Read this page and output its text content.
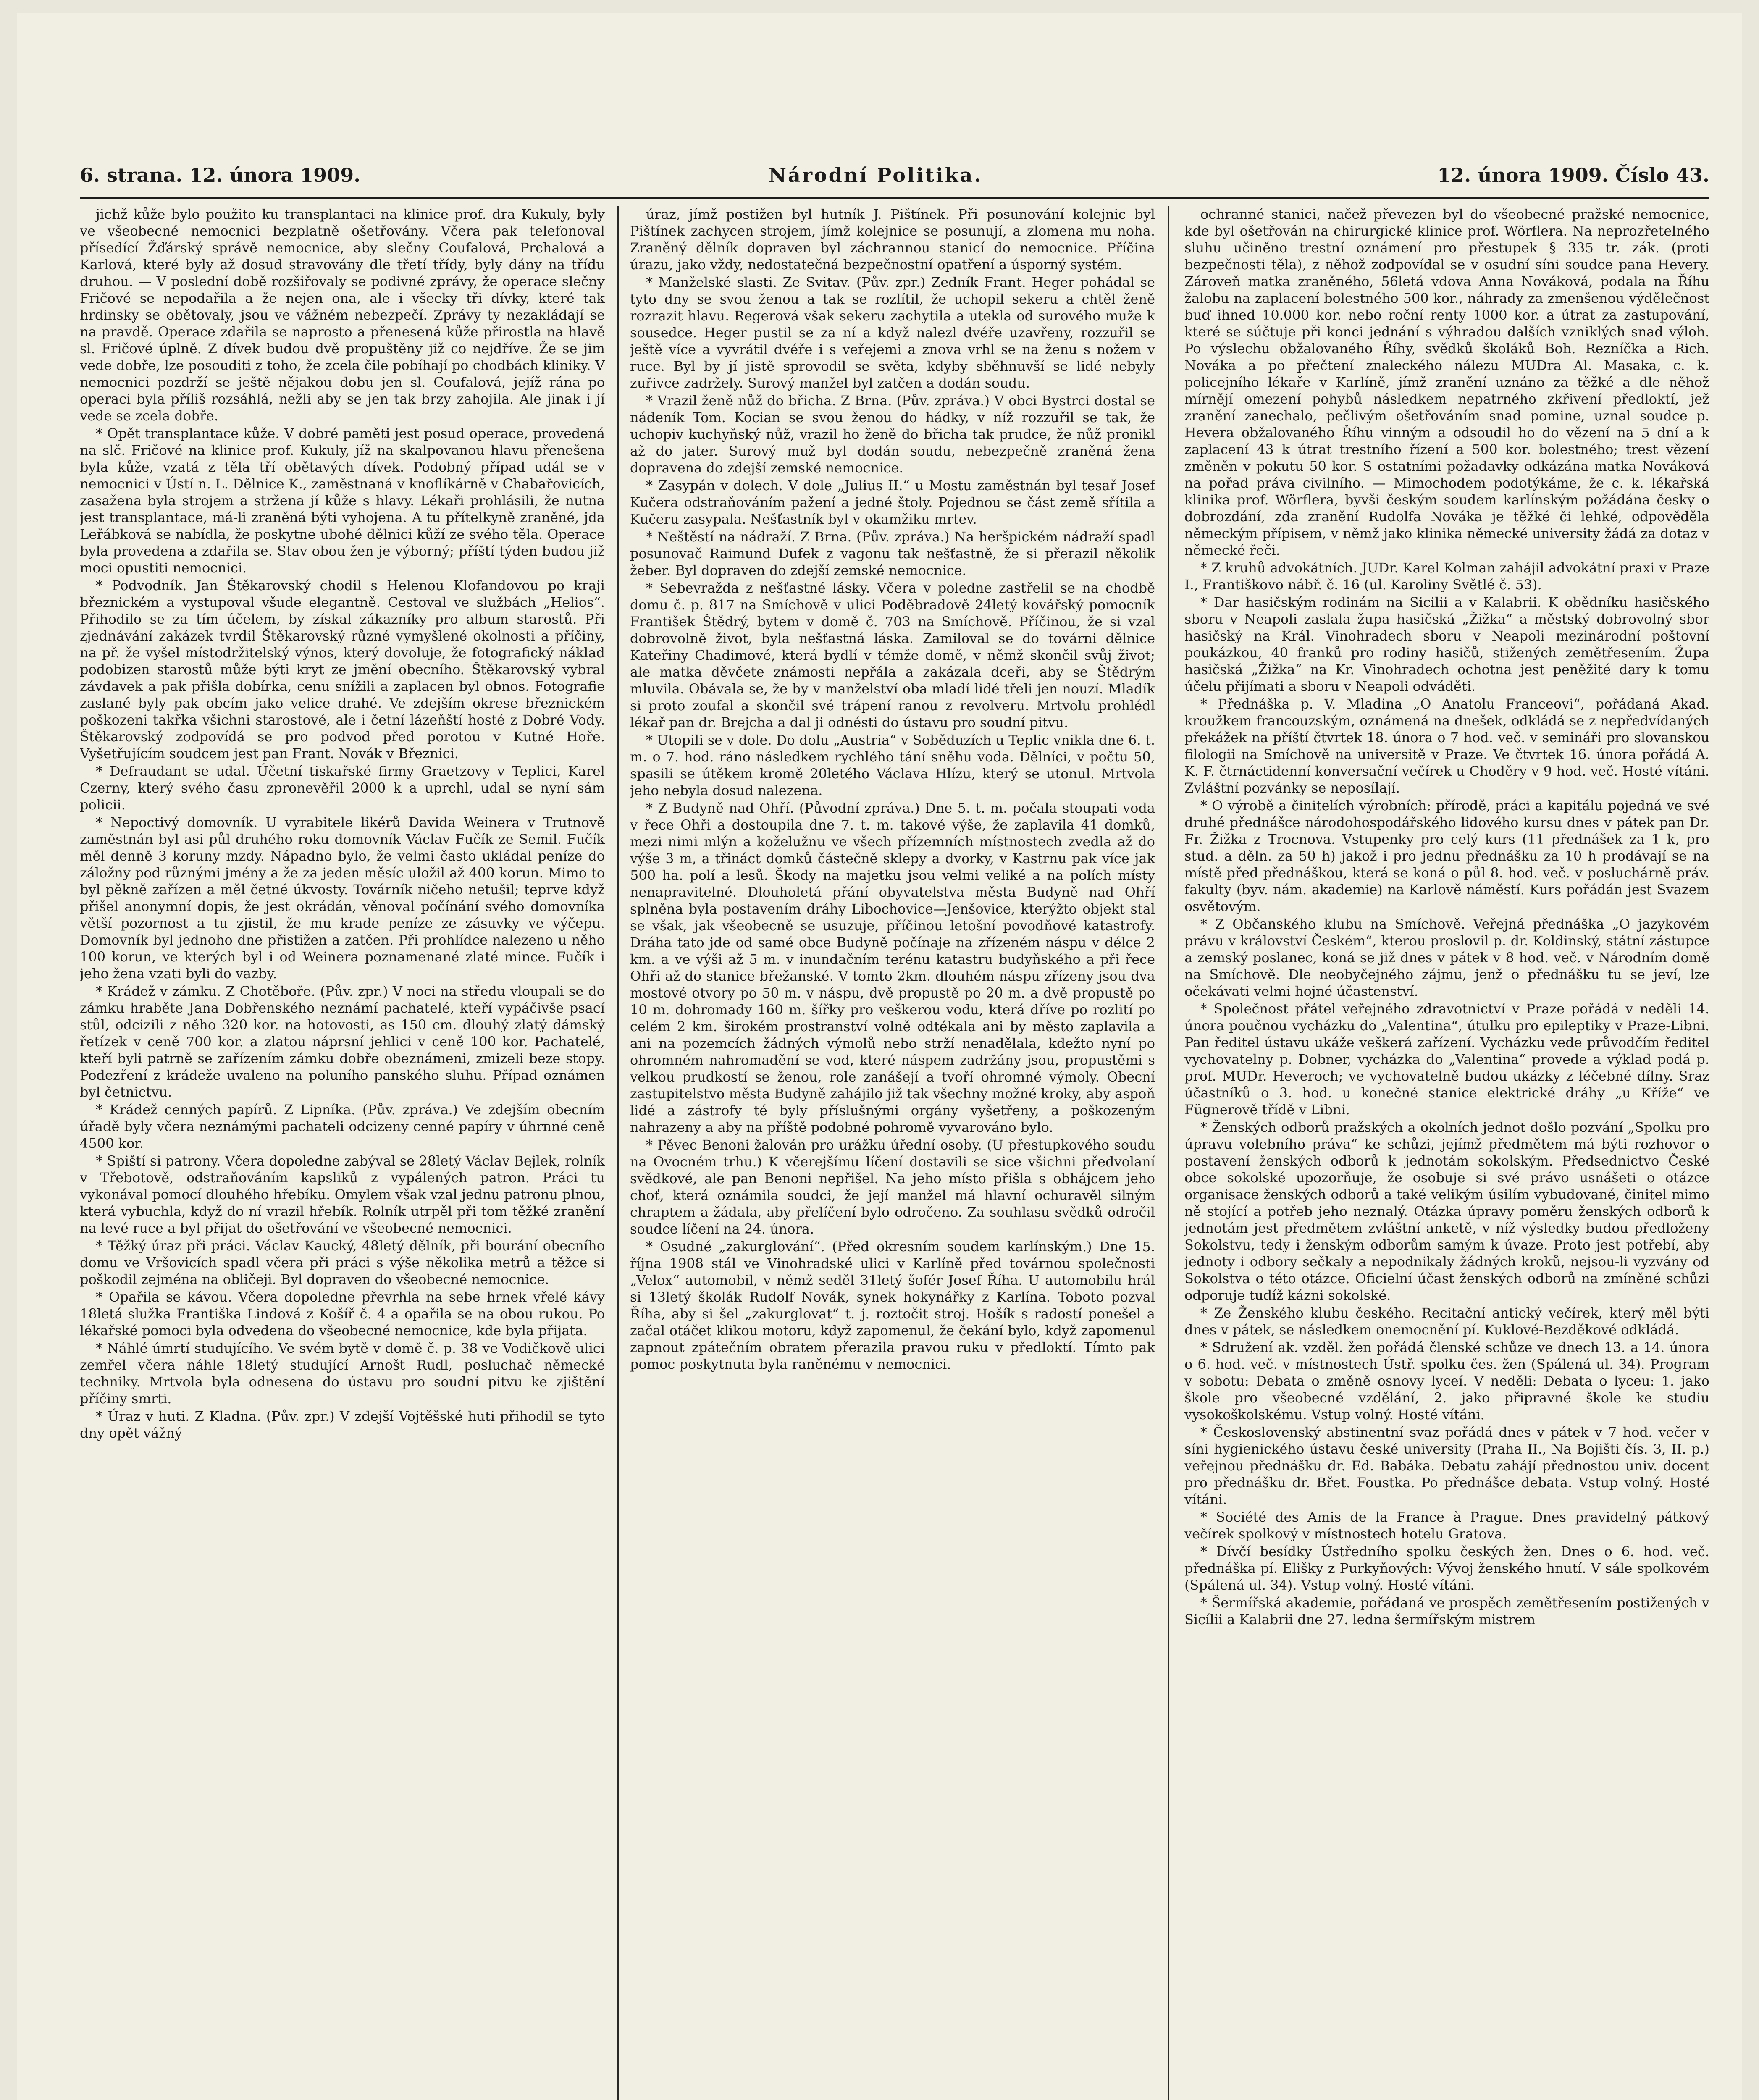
6. strana. 12. února 1909.	Národní Politika.	12. února 1909. Číslo 43.

jichž kůže bylo použito ku transplantaci na klinice prof. dra Kukuly, byly ve všeobecné nemocnici bezplatně ošetřovány. Včera pak telefonoval přísedící Žďárský správě nemocnice, aby slečny Coufalová, Prchalová a Karlová, které byly až dosud stravovány dle třetí třídy, byly dány na třídu druhou. — V poslední době rozšiřovaly se podivné zprávy, že operace slečny Fričové se nepodařila a že nejen ona, ale i všecky tři dívky, které tak hrdinsky se obětovaly, jsou ve vážném nebezpečí. Zprávy ty nezakládají se na pravdě. Operace zdařila se naprosto a přenesená kůže přirostla na hlavě sl. Fričové úplně. Z dívek budou dvě propuštěny již co nejdříve. Že se jim vede dobře, lze posouditi z toho, že zcela čile pobíhají po chodbách kliniky. V nemocnici pozdrží se ještě nějakou dobu jen sl. Coufalová, jejíž rána po operaci byla příliš rozsáhlá, nežli aby se jen tak brzy zahojila. Ale jinak i jí vede se zcela dobře.

* Opět transplantace kůže. V dobré paměti jest posud operace, provedená na slč. Fričové na klinice prof. Kukuly, jíž na skalpovanou hlavu přenešena byla kůže, vzatá z těla tří obětavých dívek. Podobný případ udál se v nemocnici v Ústí n. L. Dělnice K., zaměstnaná v knoflíkárně v Chabařovicích, zasažena byla strojem a stržena jí kůže s hlavy. Lékaři prohlásili, že nutna jest transplantace, má-li zraněná býti vyhojena. A tu přítelkyně zraněné, jda Leřábková se nabídla, že poskytne ubohé dělnici kůží ze svého těla. Operace byla provedena a zdařila se. Stav obou žen je výborný; příští týden budou již moci opustiti nemocnici.

* Podvodník. Jan Štěkarovský chodil s Helenou Klofandovou po kraji březnickém a vystupoval všude elegantně. Cestoval ve službách „Helios“. Přihodilo se za tím účelem, by získal zákazníky pro album starostů. Při zjednávání zakázek tvrdil Štěkarovský různé vymyšlené okolnosti a příčiny, na př. že vyšel místodržitelský výnos, který dovoluje, že fotografický náklad podobizen starostů může býti kryt ze jmění obecního. Štěkarovský vybral závdavek a pak přišla dobírka, cenu snížili a zaplacen byl obnos. Fotografie zaslané byly pak obcím jako velice drahé. Ve zdejším okrese březnickém poškozeni takřka všichni starostové, ale i četní lázeňští hosté z Dobré Vody. Štěkarovský zodpovídá se pro podvod před porotou v Kutné Hoře. Vyšetřujícím soudcem jest pan Frant. Novák v Březnici.

* Defraudant se udal. Účetní tiskařské firmy Graetzovy v Teplici, Karel Czerny, který svého času zpronevěřil 2000 k a uprchl, udal se nyní sám policii.

* Nepoctivý domovník. U vyrabitele likérů Davida Weinera v Trutnově zaměstnán byl asi půl druhého roku domovník Václav Fučík ze Semil. Fučík měl denně 3 koruny mzdy. Nápadno bylo, že velmi často ukládal peníze do záložny pod různými jmény a že za jeden měsíc uložil až 400 korun. Mimo to byl pěkně zařízen a měl četné úkvosty. Továrník ničeho netušil; teprve když přišel anonymní dopis, že jest okrádán, věnoval počínání svého domovníka větší pozornost a tu zjistil, že mu krade peníze ze zásuvky ve výčepu. Domovník byl jednoho dne přistižen a zatčen. Při prohlídce nalezeno u něho 100 korun, ve kterých byl i od Weinera poznamenané zlaté mince. Fučík i jeho žena vzati byli do vazby.

* Krádež v zámku. Z Chotěboře. (Pův. zpr.) V noci na středu vloupali se do zámku hraběte Jana Dobřenského neznámí pachatelé, kteří vypáčivše psací stůl, odcizili z něho 320 kor. na hotovosti, as 150 cm. dlouhý zlatý dámský řetízek v ceně 700 kor. a zlatou náprsní jehlici v ceně 100 kor. Pachatelé, kteří byli patrně se zařízením zámku dobře obeznámeni, zmizeli beze stopy. Podezření z krádeže uvaleno na poluního panského sluhu. Případ oznámen byl četnictvu.

* Krádež cenných papírů. Z Lipníka. (Pův. zpráva.) Ve zdejším obecním úřadě byly včera neznámými pachateli odcizeny cenné papíry v úhrnné ceně 4500 kor.

* Spiští si patrony. Včera dopoledne zabýval se 28letý Václav Bejlek, rolník v Třebotově, odstraňováním kapsliků z vypálených patron. Práci tu vykonával pomocí dlouhého hřebíku. Omylem však vzal jednu patronu plnou, která vybuchla, když do ní vrazil hřebík. Rolník utrpěl při tom těžké zranění na levé ruce a byl přijat do ošetřování ve všeobecné nemocnici.

* Těžký úraz při práci. Václav Kaucký, 48letý dělník, při bourání obecního domu ve Vršovicích spadl včera při práci s výše několika metrů a těžce si poškodil zejména na obličeji. Byl dopraven do všeobecné nemocnice.

* Opařila se kávou. Včera dopoledne převrhla na sebe hrnek vřelé kávy 18letá služka Františka Lindová z Košíř č. 4 a opařila se na obou rukou. Po lékařské pomoci byla odvedena do všeobecné nemocnice, kde byla přijata.

* Náhlé úmrtí studujícího. Ve svém bytě v domě č. p. 38 ve Vodičkově ulici zemřel včera náhle 18letý studující Arnošt Rudl, posluchač německé techniky. Mrtvola byla odnesena do ústavu pro soudní pitvu ke zjištění příčiny smrti.

* Úraz v huti. Z Kladna. (Pův. zpr.) V zdejší Vojtěšské huti přihodil se tyto dny opět vážný

úraz, jímž postižen byl hutník J. Pištínek. Při posunování kolejnic byl Pištínek zachycen strojem, jímž kolejnice se posunují, a zlomena mu noha. Zraněný dělník dopraven byl záchrannou stanicí do nemocnice. Příčina úrazu, jako vždy, nedostatečná bezpečnostní opatření a úsporný systém.

* Manželské slasti. Ze Svitav. (Pův. zpr.) Zedník Frant. Heger pohádal se tyto dny se svou ženou a tak se rozlítil, že uchopil sekeru a chtěl ženě rozrazit hlavu. Regerová však sekeru zachytila a utekla od surového muže k sousedce. Heger pustil se za ní a když nalezl dvéře uzavřeny, rozzuřil se ještě více a vyvrátil dvéře i s veřejemi a znova vrhl se na ženu s nožem v ruce. Byl by jí jistě sprovodil se světa, kdyby sběhnuvší se lidé nebyly zuřivce zadržely. Surový manžel byl zatčen a dodán soudu.

* Vrazil ženě nůž do břicha. Z Brna. (Pův. zpráva.) V obci Bystrci dostal se nádeník Tom. Kocian se svou ženou do hádky, v níž rozzuřil se tak, že uchopiv kuchyňský nůž, vrazil ho ženě do břicha tak prudce, že nůž pronikl až do jater. Surový muž byl dodán soudu, nebezpečně zraněná žena dopravena do zdejší zemské nemocnice.

* Zasypán v dolech. V dole „Julius II.“ u Mostu zaměstnán byl tesař Josef Kučera odstraňováním pažení a jedné štoly. Pojednou se část země sřítila a Kučeru zasypala. Nešťastník byl v okamžiku mrtev.

* Neštěstí na nádraží. Z Brna. (Pův. zpráva.) Na heršpickém nádraží spadl posunovač Raimund Dufek z vagonu tak nešťastně, že si přerazil několik žeber. Byl dopraven do zdejší zemské nemocnice.

* Sebevražda z nešťastné lásky. Včera v poledne zastřelil se na chodbě domu č. p. 817 na Smíchově v ulici Poděbradově 24letý kovářský pomocník František Štědrý, bytem v domě č. 703 na Smíchově. Příčinou, že si vzal dobrovolně život, byla nešťastná láska. Zamiloval se do továrni dělnice Kateřiny Chadimové, která bydlí v témže domě, v němž skončil svůj život; ale matka děvčete známosti nepřála a zakázala dceři, aby se Štědrým mluvila. Obávala se, že by v manželství oba mladí lidé třeli jen nouzí. Mladík si proto zoufal a skončil své trápení ranou z revolveru. Mrtvolu prohlédl lékař pan dr. Brejcha a dal ji odnésti do ústavu pro soudní pitvu.

* Utopili se v dole. Do dolu „Austria“ v Soběduzích u Teplic vnikla dne 6. t. m. o 7. hod. ráno následkem rychlého tání sněhu voda. Dělníci, v počtu 50, spasili se útěkem kromě 20letého Václava Hlízu, který se utonul. Mrtvola jeho nebyla dosud nalezena.

* Z Budyně nad Ohří. (Původní zpráva.) Dne 5. t. m. počala stoupati voda v řece Ohři a dostoupila dne 7. t. m. takové výše, že zaplavila 41 domků, mezi nimi mlýn a koželužnu ve všech přízemních místnostech zvedla až do výše 3 m, a třináct domků částečně sklepy a dvorky, v Kastrnu pak více jak 500 ha. polí a lesů. Škody na majetku jsou velmi veliké a na polích místy nenapravitelné. Dlouholetá přání obyvatelstva města Budyně nad Ohří splněna byla postavením dráhy Libochovice—Jenšovice, kterýžto objekt stal se však, jak všeobecně se usuzuje, příčinou letošní povodňové katastrofy. Dráha tato jde od samé obce Budyně počínaje na zřízeném náspu v délce 2 km. a ve výši až 5 m. v inundačním terénu katastru budyňského a při řece Ohři až do stanice břežanské. V tomto 2km. dlouhém náspu zřízeny jsou dva mostové otvory po 50 m. v náspu, dvě propustě po 20 m. a dvě propustě po 10 m. dohromady 160 m. šířky pro veškerou vodu, která dříve po rozlití po celém 2 km. širokém prostranství volně odtékala ani by město zaplavila a ani na pozemcích žádných výmolů nebo strží nenadělala, kdežto nyní po ohromném nahromadění se vod, které náspem zadržány jsou, propustěmi s velkou prudkostí se ženou, role zanášejí a tvoří ohromné výmoly. Obecní zastupitelstvo města Budyně zahájilo již tak všechny možné kroky, aby aspoň lidé a zástrofy té byly příslušnými orgány vyšetřeny, a poškozeným nahrazeny a aby na příště podobné pohromě vyvarováno bylo.

* Pěvec Benoni žalován pro urážku úřední osoby. (U přestupkového soudu na Ovocném trhu.) K včerejšímu líčení dostavili se sice všichni předvolaní svědkové, ale pan Benoni nepřišel. Na jeho místo přišla s obhájcem jeho choť, která oznámila soudci, že její manžel má hlavní ochuravěl silným chraptem a žádala, aby přelíčení bylo odročeno. Za souhlasu svědků odročil soudce líčení na 24. února.

* Osudné „zakurglování“. (Před okresním soudem karlínským.) Dne 15. října 1908 stál ve Vinohradské ulici v Karlíně před továrnou společnosti „Velox“ automobil, v němž seděl 31letý šofér Josef Říha. U automobilu hrál si 13letý školák Rudolf Novák, synek hokynářky z Karlína. Toboto pozval Říha, aby si šel „zakurglovat“ t. j. roztočit stroj. Hošík s radostí ponešel a začal otáčet klikou motoru, když zapomenul, že čekání bylo, když zapomenul zapnout zpátečním obratem přerazila pravou ruku v předloktí. Tímto pak pomoc poskytnuta byla raněnému v nemocnici.

ochranné stanici, načež převezen byl do všeobecné pražské nemocnice, kde byl ošetřován na chirurgické klinice prof. Wörflera. Na neprozřetelného sluhu učiněno trestní oznámení pro přestupek § 335 tr. zák. (proti bezpečnosti těla), z něhož zodpovídal se v osudní síni soudce pana Hevery. Zároveň matka zraněného, 56letá vdova Anna Nováková, podala na Říhu žalobu na zaplacení bolestného 500 kor., náhrady za zmenšenou výdělečnost buď ihned 10.000 kor. nebo roční renty 1000 kor. a útrat za zastupování, které se súčtuje při konci jednání s výhradou dalších vzniklých snad výloh. Po výslechu obžalovaného Říhy, svědků školáků Boh. Rezníčka a Rich. Nováka a po přečtení znaleckého nálezu MUDra Al. Masaka, c. k. policejního lékaře v Karlíně, jímž zranění uznáno za těžké a dle něhož mírnějí omezení pohybů následkem nepatrného zkřivení předloktí, jež zranění zanechalo, pečlivým ošetřováním snad pomine, uznal soudce p. Hevera obžalovaného Říhu vinným a odsoudil ho do vězení na 5 dní a k zaplacení 43 k útrat trestního řízení a 500 kor. bolestného; trest vězení změněn v pokutu 50 kor. S ostatními požadavky odkázána matka Nováková na pořad práva civilního. — Mimochodem podotýkáme, že c. k. lékařská klinika prof. Wörflera, byvši českým soudem karlínským požádána česky o dobrozdání, zda zranění Rudolfa Nováka je těžké či lehké, odpověděla německým přípisem, v němž jako klinika německé university žádá za dotaz v německé řeči.

* Z kruhů advokátních. JUDr. Karel Kolman zahájil advokátní praxi v Praze I., Františkovo nábř. č. 16 (ul. Karoliny Světlé č. 53).

* Dar hasičským rodinám na Sicilii a v Kalabrii. K obědníku hasičského sboru v Neapoli zaslala župa hasičská „Žižka“ a městský dobrovolný sbor hasičský na Král. Vinohradech sboru v Neapoli mezinárodní poštovní poukázkou, 40 franků pro rodiny hasičů, stižených zemětřesením. Župa hasičská „Žižka“ na Kr. Vinohradech ochotna jest peněžité dary k tomu účelu přijímati a sboru v Neapoli odváděti.

* Přednáška p. V. Mladina „O Anatolu Franceovi“, pořádaná Akad. kroužkem francouzským, oznámená na dnešek, odkládá se z nepředvídaných překážek na příští čtvrtek 18. února o 7 hod. več. v semináři pro slovanskou filologii na Smíchově na universitě v Praze. Ve čtvrtek 16. února pořádá A. K. F. čtrnáctidenní konversační večírek u Choděry v 9 hod. več. Hosté vítáni. Zvláštní pozvánky se neposílají.

* O výrobě a činitelích výrobních: přírodě, práci a kapitálu pojedná ve své druhé přednášce národohospodářského lidového kursu dnes v pátek pan Dr. Fr. Žižka z Trocnova. Vstupenky pro celý kurs (11 přednášek za 1 k, pro stud. a děln. za 50 h) jakož i pro jednu přednášku za 10 h prodávají se na místě před přednáškou, která se koná o půl 8. hod. več. v posluchárně práv. fakulty (byv. nám. akademie) na Karlově náměstí. Kurs pořádán jest Svazem osvětovým.

* Z Občanského klubu na Smíchově. Veřejná přednáška „O jazykovém právu v království Českém“, kterou proslovil p. dr. Koldinský, státní zástupce a zemský poslanec, koná se již dnes v pátek v 8 hod. več. v Národním domě na Smíchově. Dle neobyčejného zájmu, jenž o přednášku tu se jeví, lze očekávati velmi hojné účastenství.

* Společnost přátel veřejného zdravotnictví v Praze pořádá v neděli 14. února poučnou vycházku do „Valentina“, útulku pro epileptiky v Praze-Libni. Pan ředitel ústavu ukáže veškerá zařízení. Vycházku vede průvodčím ředitel vychovatelny p. Dobner, vycházka do „Valentina“ provede a výklad podá p. prof. MUDr. Heveroch; ve vychovatelně budou ukázky z léčebné dílny. Sraz účastníků o 3. hod. u konečné stanice elektrické dráhy „u Kříže“ ve Fügnerově třídě v Libni.

* Ženských odborů pražských a okolních jednot došlo pozvání „Spolku pro úpravu volebního práva“ ke schůzi, jejímž předmětem má býti rozhovor o postavení ženských odborů k jednotám sokolským. Předsednictvo České obce sokolské upozorňuje, že osobuje si své právo usnášeti o otázce organisace ženských odborů a také velikým úsilím vybudované, činitel mimo ně stojící a potřeb jeho neznalý. Otázka úpravy poměru ženských odborů k jednotám jest předmětem zvláštní anketě, v níž výsledky budou předloženy Sokolstvu, tedy i ženským odborům samým k úvaze. Proto jest potřebí, aby jednoty i odbory sečkaly a nepodnikaly žádných kroků, nejsou-li vyzvány od Sokolstva o této otázce. Oficielní účast ženských odborů na zmíněné schůzi odporuje tudíž kázni sokolské.

* Ze Ženského klubu českého. Recitační antický večírek, který měl býti dnes v pátek, se následkem onemocnění pí. Kuklové-Bezděkové odkládá.

* Sdružení ak. vzděl. žen pořádá členské schůze ve dnech 13. a 14. února o 6. hod. več. v místnostech Ústř. spolku čes. žen (Spálená ul. 34). Program v sobotu: Debata o změně osnovy lyceí. V neděli: Debata o lyceu: 1. jako škole pro všeobecné vzdělání, 2. jako připravné škole ke studiu vysokoškolskému. Vstup volný. Hosté vítáni.

* Československý abstinentní svaz pořádá dnes v pátek v 7 hod. večer v síni hygienického ústavu české university (Praha II., Na Bojišti čís. 3, II. p.) veřejnou přednášku dr. Ed. Babáka. Debatu zahájí přednostou univ. docent pro přednášku dr. Břet. Foustka. Po přednášce debata. Vstup volný. Hosté vítáni.

* Société des Amis de la France à Prague. Dnes pravidelný pátkový večírek spolkový v místnostech hotelu Gratova.

* Dívčí besídky Ústředního spolku českých žen. Dnes o 6. hod. več. přednáška pí. Elišky z Purkyňových: Vývoj ženského hnutí. V sále spolkovém (Spálená ul. 34). Vstup volný. Hosté vítáni.

* Šermířská akademie, pořádaná ve prospěch zemětřesením postižených v Sicílii a Kalabrii dne 27. ledna šermířským mistrem
